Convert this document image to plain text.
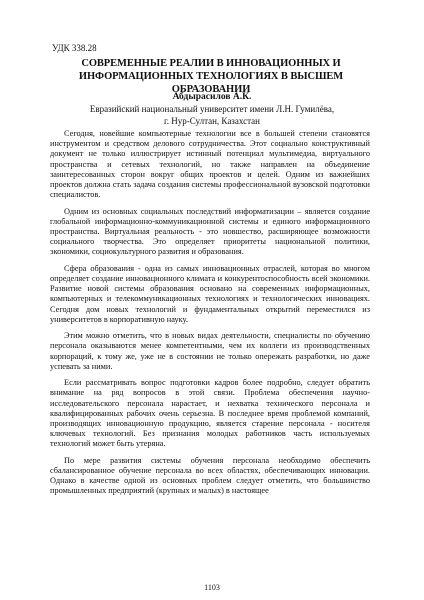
УДК 338.28
СОВРЕМЕННЫЕ РЕАЛИИ В ИННОВАЦИОННЫХ И ИНФОРМАЦИОННЫХ ТЕХНОЛОГИЯХ В ВЫСШЕМ ОБРАЗОВАНИИ
Абдырасилов А.К.
Евразийский национальный университет имени Л.Н. Гумилёва,
г. Нур-Султан, Казахстан

Сегодня, новейшие компьютерные технологии все в большей степени становятся инструментом и средством делового сотрудничества. Этот социально конструктивный документ не только иллюстрирует истинный потенциал мультимедиа, виртуального пространства и сетевых технологий, но также направлен на объединение заинтересованных сторон вокруг общих проектов и целей. Одним из важнейших проектов должна стать задача создания системы профессиональной вузовской подготовки специалистов.

Одним из основных социальных последствий информатизации – является создание глобальной информационно-коммуникационной системы и единого информационного пространства. Виртуальная реальность - это новшество, расширяющее возможности социального творчества. Это определяет приоритеты национальной политики, экономики, социокультурного развития и образования.

Сфера образования - одна из самых инновационных отраслей, которая во многом определяет создание инновационного климата и конкурентоспособность всей экономики. Развитие новой системы образования основано на современных информационных, компьютерных и телекоммуникационных технологиях и технологических инновациях. Сегодня дом новых технологий и фундаментальных открытий переместился из университетов в корпоративную науку.

Этим можно отметить, что в новых видах деятельности, специалисты по обучению персонала оказываются менее компетентными, чем их коллеги из производственных корпораций, к тому же, уже не в состоянии не только опережать разработки, но даже успевать за ними.

Если рассматривать вопрос подготовки кадров более подробно, следует обратить внимание на ряд вопросов в этой связи. Проблема обеспечения научно-исследовательского персонала нарастает, и нехватка технического персонала и квалифицированных рабочих очень серьезна. В последнее время проблемой компаний, производящих инновационную продукцию, является старение персонала - носителя ключевых технологий. Без признания молодых работников часть используемых технологий может быть утеряна.

По мере развития системы обучения персонала необходимо обеспечить сбалансированное обучение персонала во всех областях, обеспечивающих инновации. Однако в качестве одной из основных проблем следует отметить, что большинство промышленных предприятий (крупных и малых) в настоящее

1103
